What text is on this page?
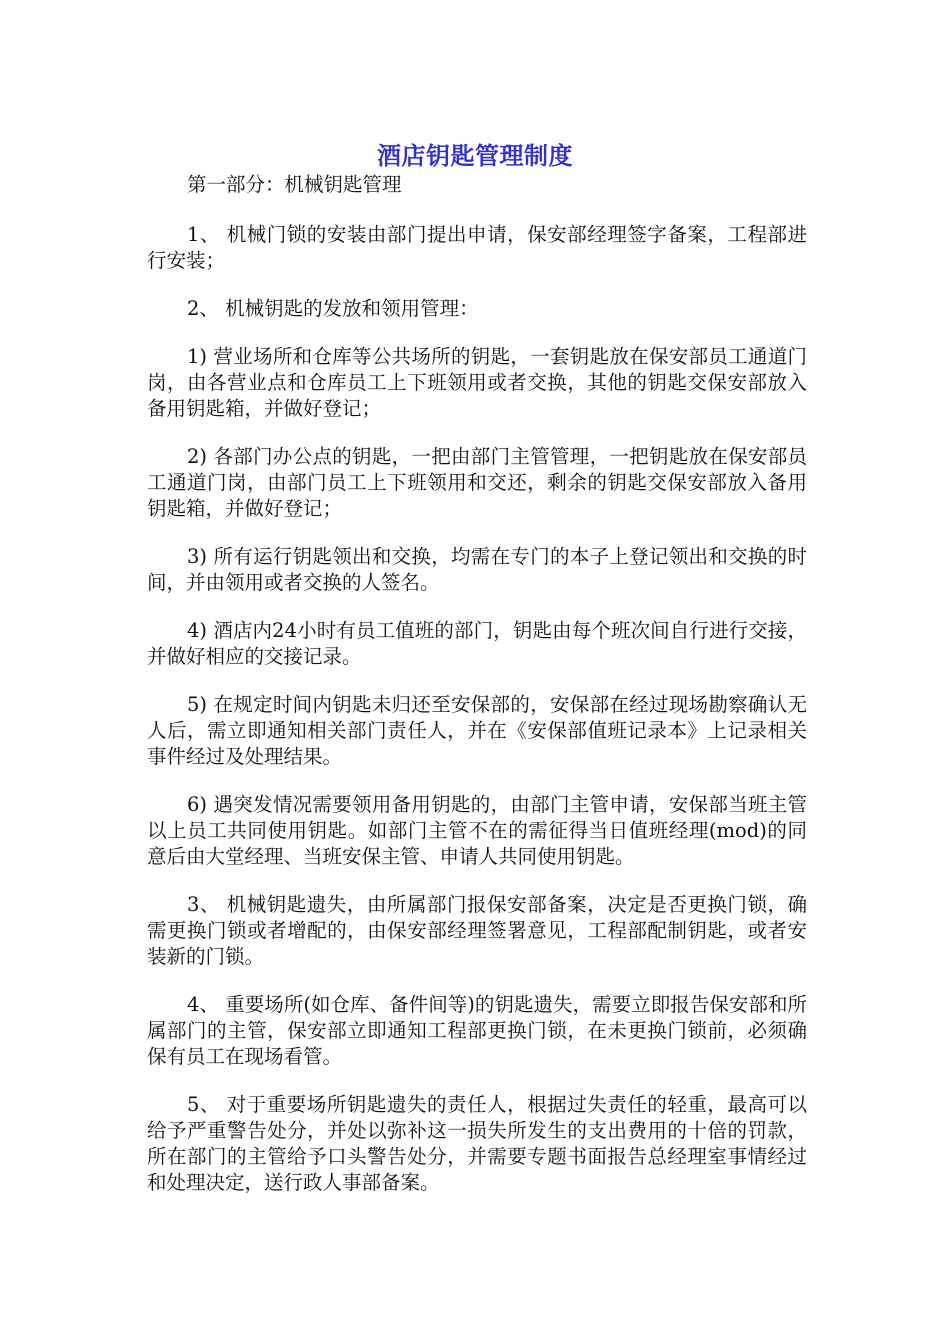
酒店钥匙管理制度

第一部分：机械钥匙管理

1、 机械门锁的安装由部门提出申请，保安部经理签字备案，工程部进行安装；

2、 机械钥匙的发放和领用管理：

1) 营业场所和仓库等公共场所的钥匙，一套钥匙放在保安部员工通道门岗，由各营业点和仓库员工上下班领用或者交换，其他的钥匙交保安部放入备用钥匙箱，并做好登记；

2) 各部门办公点的钥匙，一把由部门主管管理，一把钥匙放在保安部员工通道门岗，由部门员工上下班领用和交还，剩余的钥匙交保安部放入备用钥匙箱，并做好登记；

3) 所有运行钥匙领出和交换，均需在专门的本子上登记领出和交换的时间，并由领用或者交换的人签名。

4) 酒店内24小时有员工值班的部门，钥匙由每个班次间自行进行交接，并做好相应的交接记录。

5) 在规定时间内钥匙未归还至安保部的，安保部在经过现场勘察确认无人后，需立即通知相关部门责任人，并在《安保部值班记录本》上记录相关事件经过及处理结果。

6) 遇突发情况需要领用备用钥匙的，由部门主管申请，安保部当班主管以上员工共同使用钥匙。如部门主管不在的需征得当日值班经理(mod)的同意后由大堂经理、当班安保主管、申请人共同使用钥匙。

3、 机械钥匙遗失，由所属部门报保安部备案，决定是否更换门锁，确需更换门锁或者增配的，由保安部经理签署意见，工程部配制钥匙，或者安装新的门锁。

4、 重要场所(如仓库、备件间等)的钥匙遗失，需要立即报告保安部和所属部门的主管，保安部立即通知工程部更换门锁，在未更换门锁前，必须确保有员工在现场看管。

5、 对于重要场所钥匙遗失的责任人，根据过失责任的轻重，最高可以给予严重警告处分，并处以弥补这一损失所发生的支出费用的十倍的罚款，所在部门的主管给予口头警告处分，并需要专题书面报告总经理室事情经过和处理决定，送行政人事部备案。
